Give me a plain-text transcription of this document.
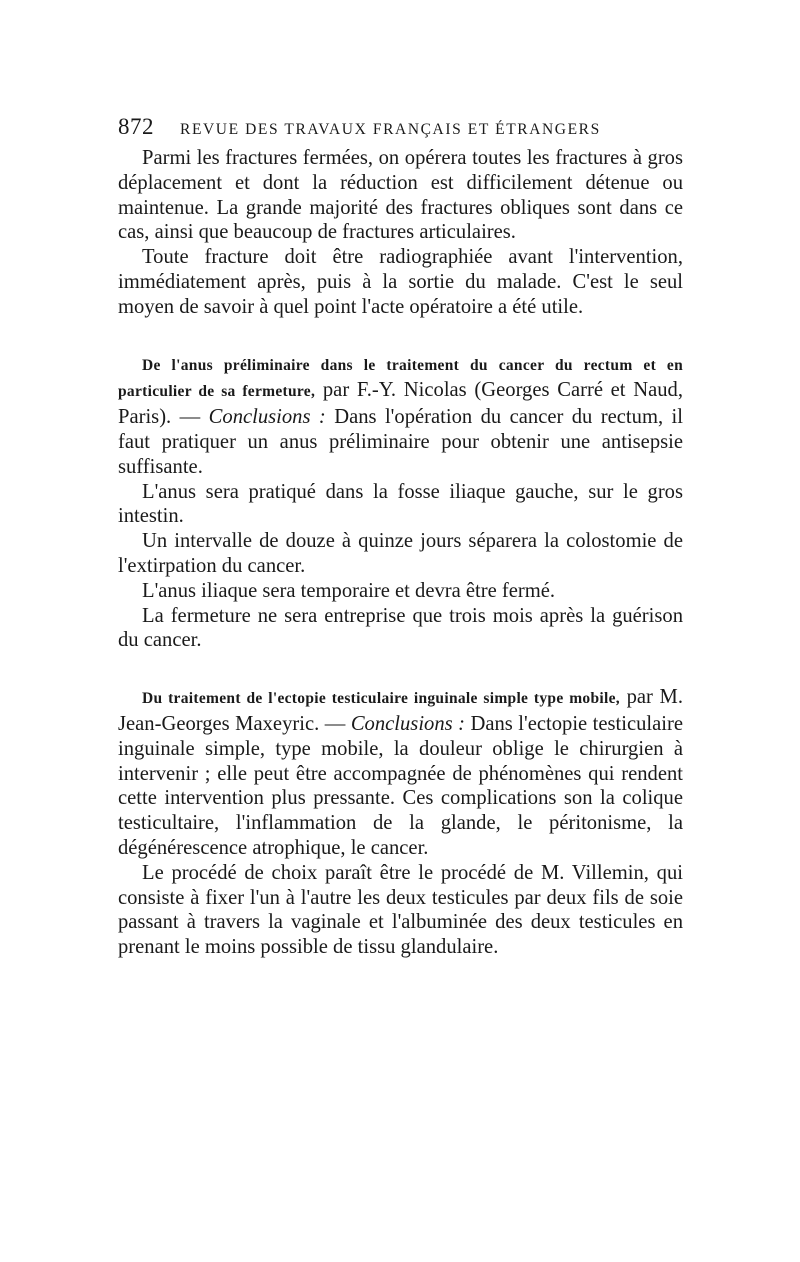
872 REVUE DES TRAVAUX FRANÇAIS ET ÉTRANGERS

Parmi les fractures fermées, on opérera toutes les fractures à gros déplacement et dont la réduction est difficilement détenue ou maintenue. La grande majorité des fractures obliques sont dans ce cas, ainsi que beaucoup de fractures articulaires.

Toute fracture doit être radiographiée avant l'intervention, immédiatement après, puis à la sortie du malade. C'est le seul moyen de savoir à quel point l'acte opératoire a été utile.

De l'anus préliminaire dans le traitement du cancer du rectum et en particulier de sa fermeture, par F.-Y. Nicolas (Georges Carré et Naud, Paris). — Conclusions : Dans l'opération du cancer du rectum, il faut pratiquer un anus préliminaire pour obtenir une antisepsie suffisante.

L'anus sera pratiqué dans la fosse iliaque gauche, sur le gros intestin.

Un intervalle de douze à quinze jours séparera la colostomie de l'extirpation du cancer.

L'anus iliaque sera temporaire et devra être fermé.

La fermeture ne sera entreprise que trois mois après la guérison du cancer.

Du traitement de l'ectopie testiculaire inguinale simple type mobile, par M. Jean-Georges Maxeyric. — Conclusions : Dans l'ectopie testiculaire inguinale simple, type mobile, la douleur oblige le chirurgien à intervenir ; elle peut être accompagnée de phénomènes qui rendent cette intervention plus pressante. Ces complications son la colique testicultaire, l'inflammation de la glande, le péritonisme, la dégénérescence atrophique, le cancer.

Le procédé de choix paraît être le procédé de M. Villemin, qui consiste à fixer l'un à l'autre les deux testicules par deux fils de soie passant à travers la vaginale et l'albuminée des deux testicules en prenant le moins possible de tissu glandulaire.
